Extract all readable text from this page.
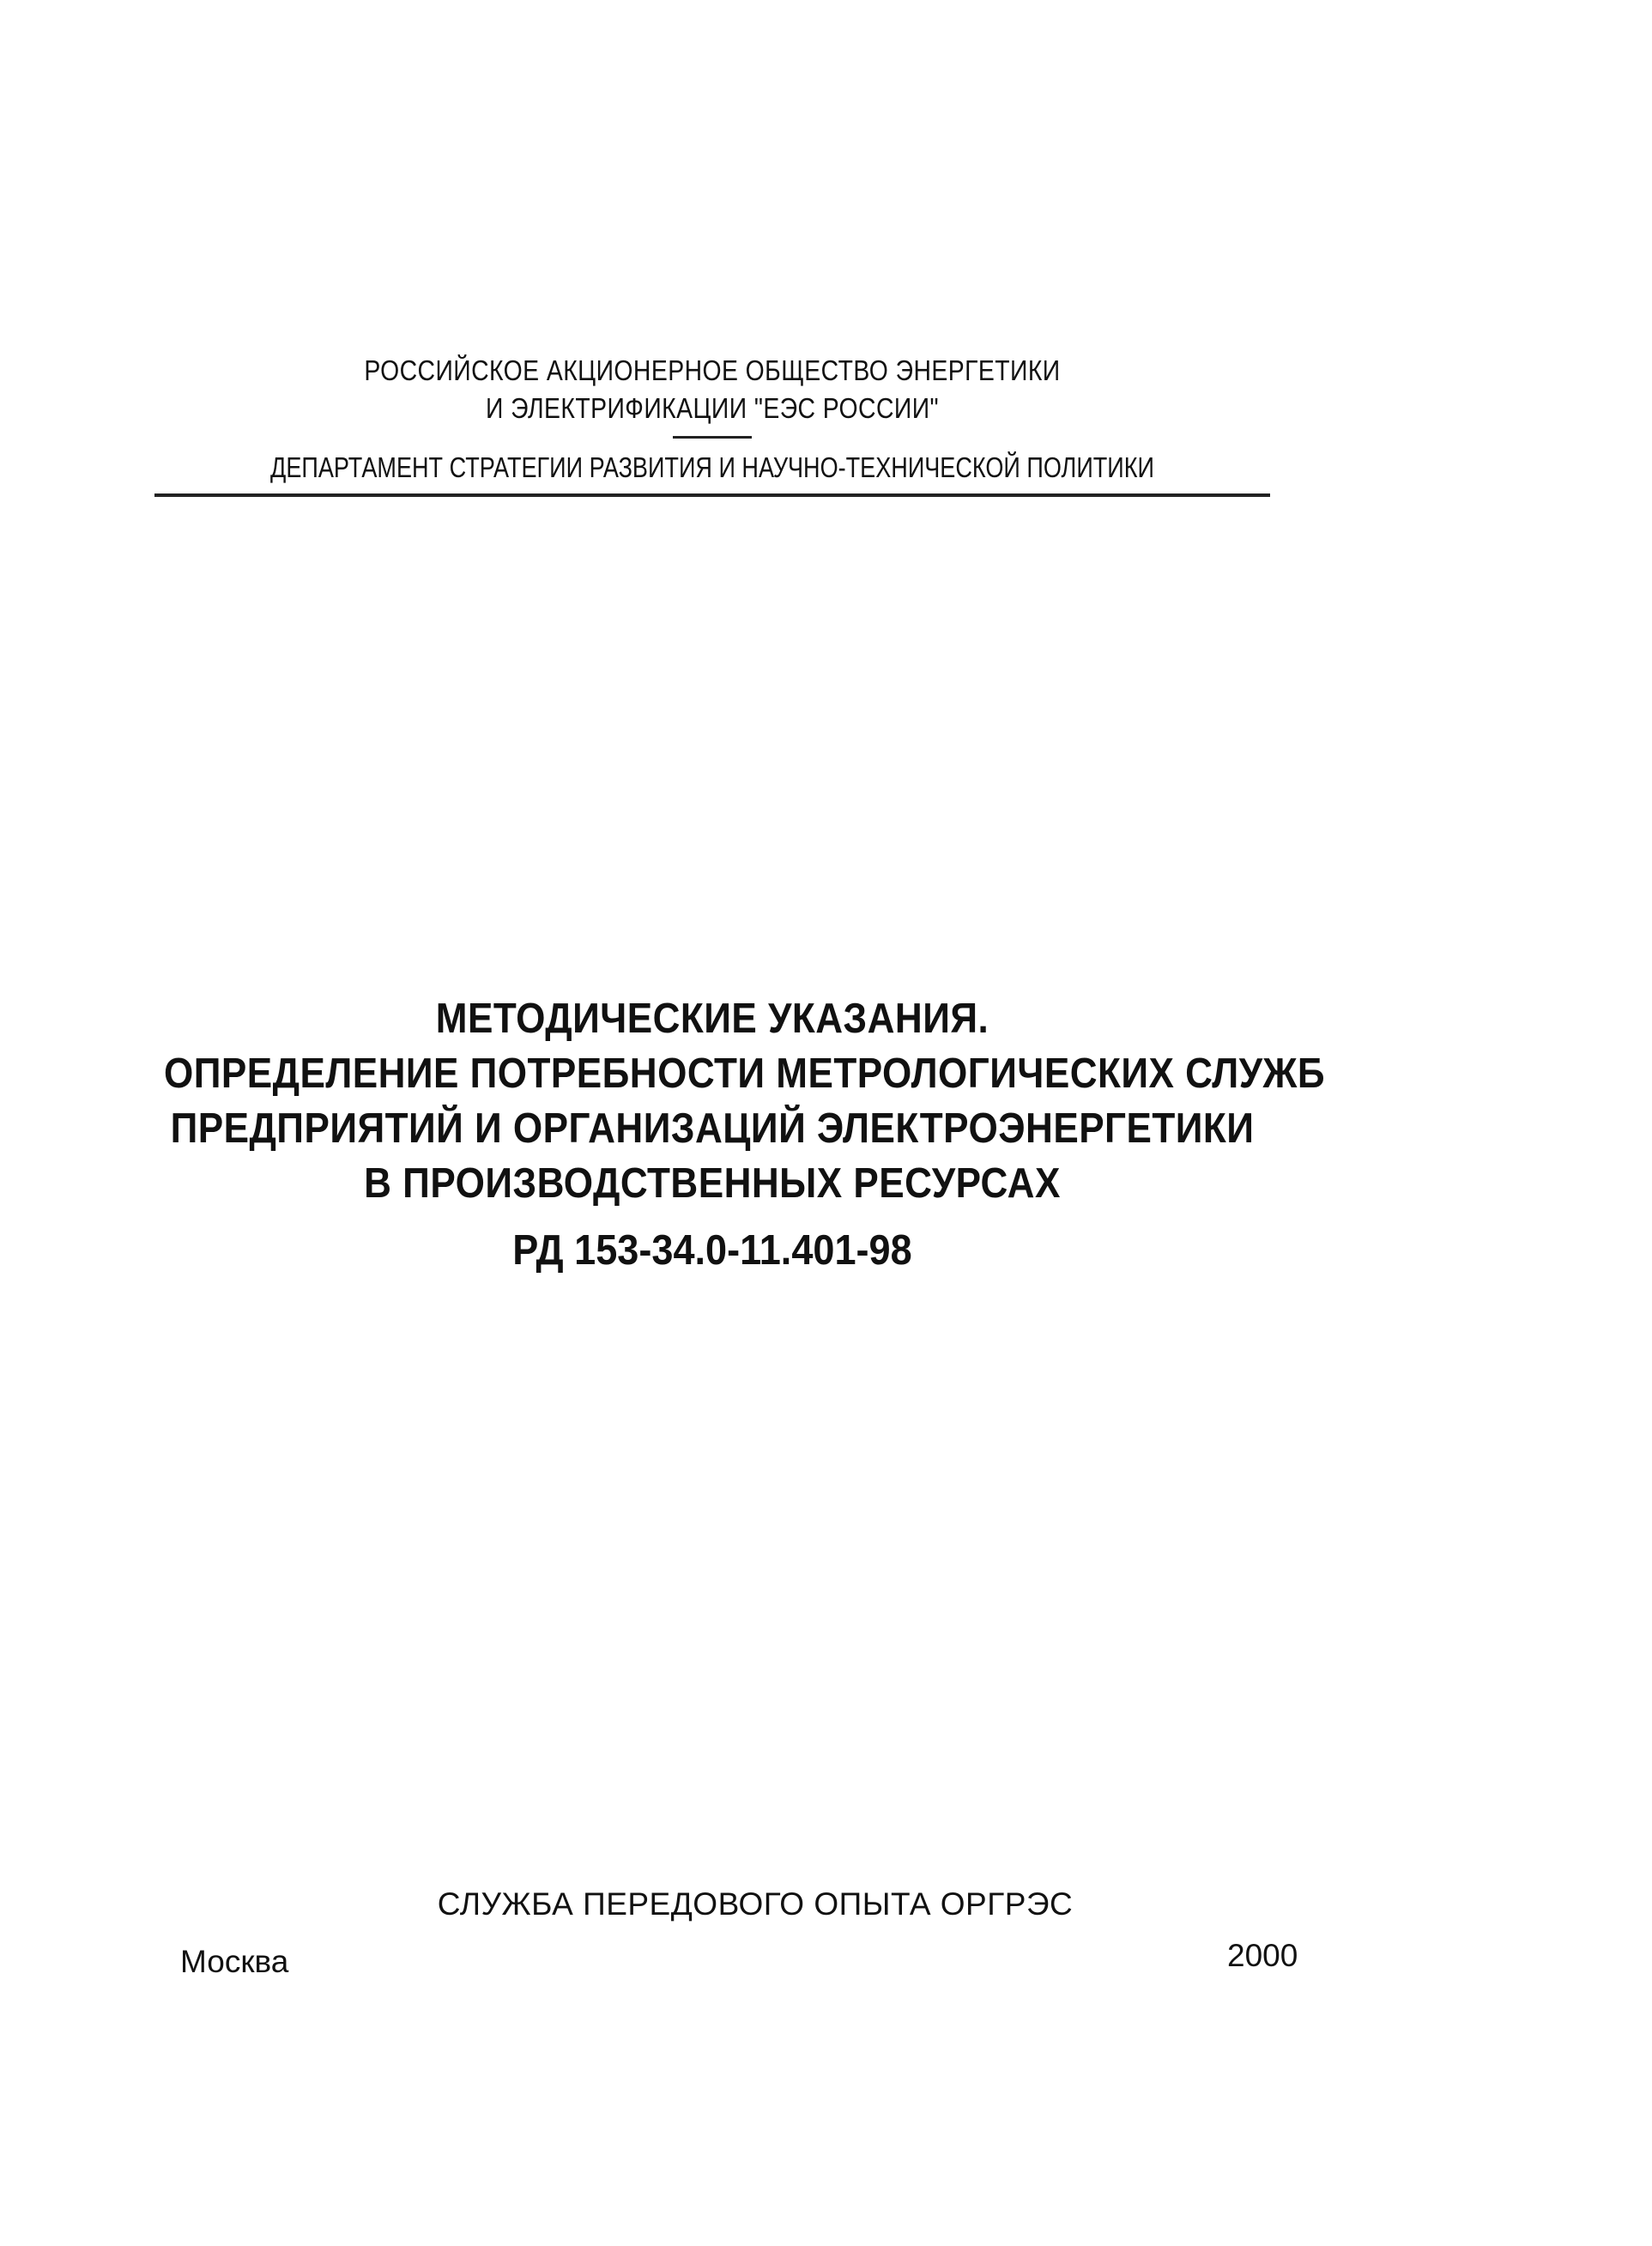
РОССИЙСКОЕ АКЦИОНЕРНОЕ ОБЩЕСТВО ЭНЕРГЕТИКИ
И ЭЛЕКТРИФИКАЦИИ "ЕЭС РОССИИ"
ДЕПАРТАМЕНТ СТРАТЕГИИ РАЗВИТИЯ И НАУЧНО-ТЕХНИЧЕСКОЙ ПОЛИТИКИ
МЕТОДИЧЕСКИЕ УКАЗАНИЯ.
ОПРЕДЕЛЕНИЕ ПОТРЕБНОСТИ МЕТРОЛОГИЧЕСКИХ СЛУЖБ
ПРЕДПРИЯТИЙ И ОРГАНИЗАЦИЙ ЭЛЕКТРОЭНЕРГЕТИКИ
В ПРОИЗВОДСТВЕННЫХ РЕСУРСАХ
РД 153-34.0-11.401-98
СЛУЖБА ПЕРЕДОВОГО ОПЫТА ОРГРЭС
Москва	2000
